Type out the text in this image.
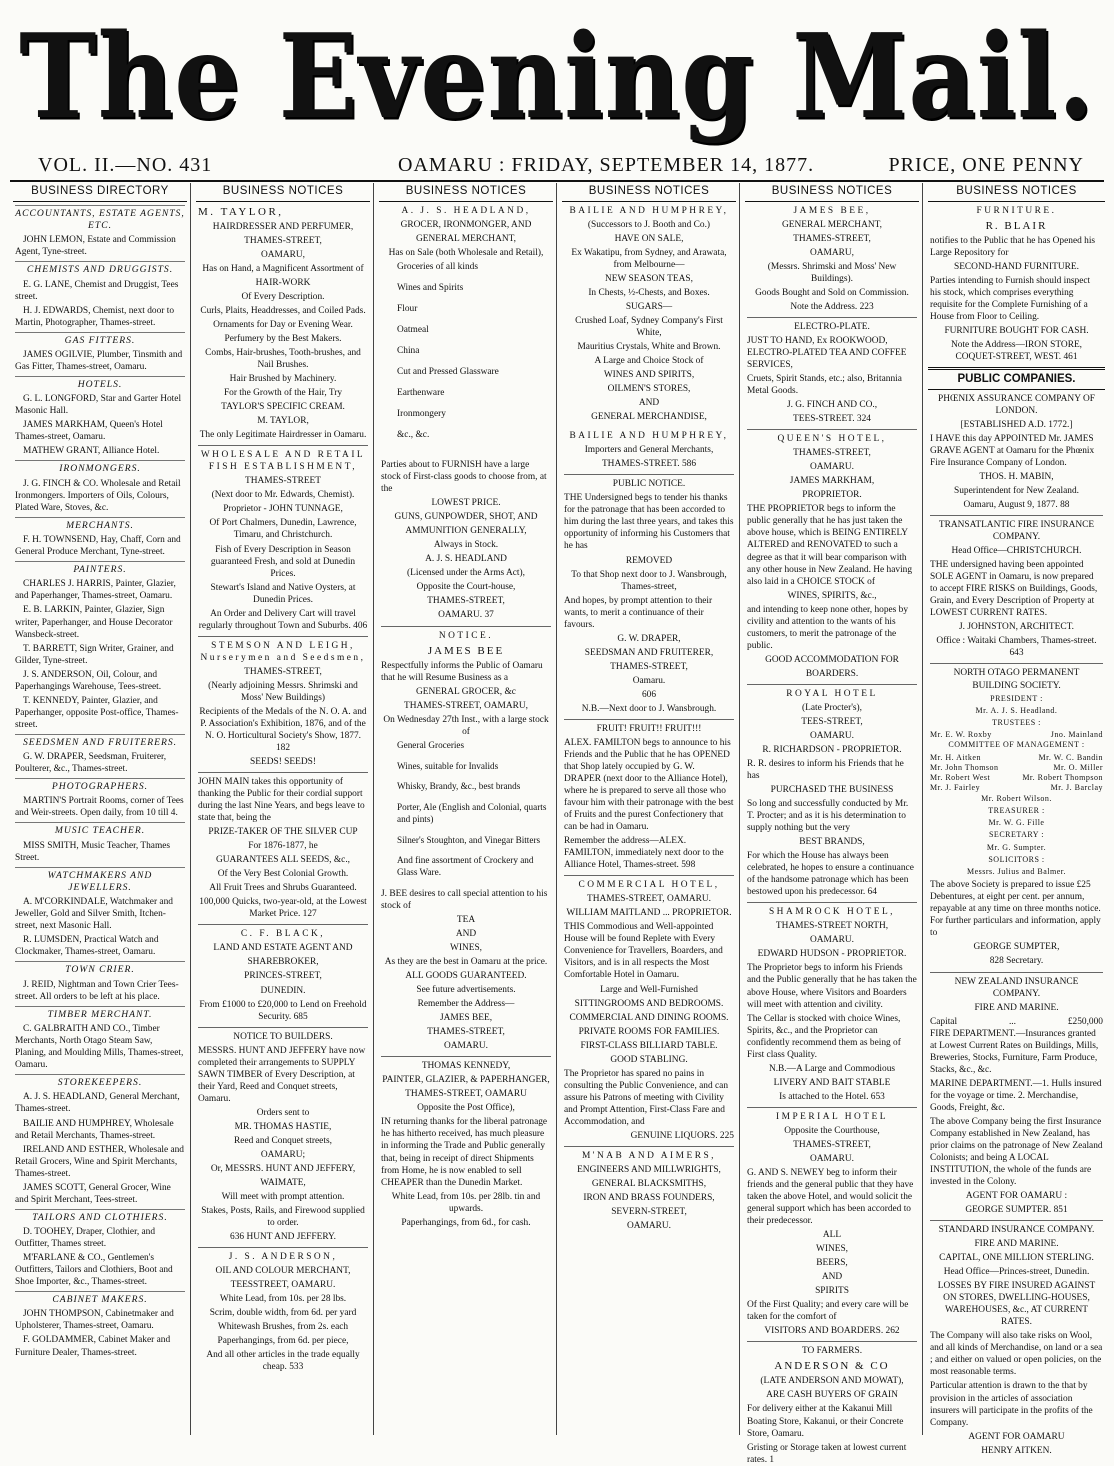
The Evening Mail.
VOL. II.—NO. 431	OAMARU : FRIDAY, SEPTEMBER 14, 1877.	PRICE, ONE PENNY
BUSINESS DIRECTORY

ACCOUNTANTS, ESTATE AGENTS, ETC.

JOHN LEMON, Estate and Commission Agent, Tyne-street.

CHEMISTS AND DRUGGISTS.

E. G. LANE, Chemist and Druggist, Tees street.

H. J. EDWARDS, Chemist, next door to Martin, Photographer, Thames-street.

GAS FITTERS.

JAMES OGILVIE, Plumber, Tinsmith and Gas Fitter, Thames-street, Oamaru.

HOTELS.

G. L. LONGFORD, Star and Garter Hotel Masonic Hall.

JAMES MARKHAM, Queen's Hotel Thames-street, Oamaru.

MATHEW GRANT, Alliance Hotel.

IRONMONGERS.

J. G. FINCH & CO. Wholesale and Retail Ironmongers. Importers of Oils, Colours, Plated Ware, Stoves, &c.

MERCHANTS.

F. H. TOWNSEND, Hay, Chaff, Corn and General Produce Merchant, Tyne-street.

PAINTERS.

CHARLES J. HARRIS, Painter, Glazier, and Paperhanger, Thames-street, Oamaru.

E. B. LARKIN, Painter, Glazier, Sign writer, Paperhanger, and House Decorator Wansbeck-street.

T. BARRETT, Sign Writer, Grainer, and Gilder, Tyne-street.

J. S. ANDERSON, Oil, Colour, and Paperhangings Warehouse, Tees-street.

T. KENNEDY, Painter, Glazier, and Paperhanger, opposite Post-office, Thames-street.

SEEDSMEN AND FRUITERERS.

G. W. DRAPER, Seedsman, Fruiterer, Poulterer, &c., Thames-street.

PHOTOGRAPHERS.

MARTIN'S Portrait Rooms, corner of Tees and Weir-streets. Open daily, from 10 till 4.

MUSIC TEACHER.

MISS SMITH, Music Teacher, Thames Street.

WATCHMAKERS AND JEWELLERS.

A. M'CORKINDALE, Watchmaker and Jeweller, Gold and Silver Smith, Itchen-street, next Masonic Hall.

R. LUMSDEN, Practical Watch and Clockmaker, Thames-street, Oamaru.

TOWN CRIER.

J. REID, Nightman and Town Crier Tees-street. All orders to be left at his place.

TIMBER MERCHANT.

C. GALBRAITH AND CO., Timber Merchants, North Otago Steam Saw, Planing, and Moulding Mills, Thames-street, Oamaru.

STOREKEEPERS.

A. J. S. HEADLAND, General Merchant, Thames-street.

BAILIE AND HUMPHREY, Wholesale and Retail Merchants, Thames-street.

IRELAND AND ESTHER, Wholesale and Retail Grocers, Wine and Spirit Merchants, Thames-street.

JAMES SCOTT, General Grocer, Wine and Spirit Merchant, Tees-street.

TAILORS AND CLOTHIERS.

D. TOOHEY, Draper, Clothier, and Outfitter, Thames street.

M'FARLANE & CO., Gentlemen's Outfitters, Tailors and Clothiers, Boot and Shoe Importer, &c., Thames-street.

CABINET MAKERS.

JOHN THOMPSON, Cabinetmaker and Upholsterer, Thames-street, Oamaru.

F. GOLDAMMER, Cabinet Maker and Furniture Dealer, Thames-street.

BUSINESS NOTICES

M. TAYLOR,

HAIRDRESSER AND PERFUMER,

THAMES-STREET,

OAMARU,

Has on Hand, a Magnificent Assortment of

HAIR-WORK

Of Every Description.

Curls, Plaits, Headdresses, and Coiled Pads.

Ornaments for Day or Evening Wear.

Perfumery by the Best Makers.

Combs, Hair-brushes, Tooth-brushes, and Nail Brushes.

Hair Brushed by Machinery.

For the Growth of the Hair, Try

TAYLOR'S SPECIFIC CREAM.

M. TAYLOR,

The only Legitimate Hairdresser in Oamaru.

WHOLESALE AND RETAIL FISH ESTABLISHMENT,

THAMES-STREET

(Next door to Mr. Edwards, Chemist).

Proprietor - JOHN TUNNAGE,

Of Port Chalmers, Dunedin, Lawrence, Timaru, and Christchurch.

Fish of Every Description in Season guaranteed Fresh, and sold at Dunedin Prices.

Stewart's Island and Native Oysters, at Dunedin Prices.

An Order and Delivery Cart will travel regularly throughout Town and Suburbs. 406

STEMSON AND LEIGH, Nurserymen and Seedsmen,

THAMES-STREET,

(Nearly adjoining Messrs. Shrimski and Moss' New Buildings)

Recipients of the Medals of the N. O. A. and P. Association's Exhibition, 1876, and of the N. O. Horticultural Society's Show, 1877. 182

SEEDS! SEEDS!

JOHN MAIN takes this opportunity of thanking the Public for their cordial support during the last Nine Years, and begs leave to state that, being the

PRIZE-TAKER OF THE SILVER CUP

For 1876-1877, he

GUARANTEES ALL SEEDS, &c.,

Of the Very Best Colonial Growth.

All Fruit Trees and Shrubs Guaranteed.

100,000 Quicks, two-year-old, at the Lowest Market Price. 127

C. F. BLACK,

LAND AND ESTATE AGENT AND

SHAREBROKER,

PRINCES-STREET,

DUNEDIN.

From £1000 to £20,000 to Lend on Freehold Security. 685

NOTICE TO BUILDERS.

MESSRS. HUNT AND JEFFERY have now completed their arrangements to SUPPLY SAWN TIMBER of Every Description, at their Yard, Reed and Conquet streets, Oamaru.

Orders sent to

MR. THOMAS HASTIE,

Reed and Conquet streets,

OAMARU;

Or, MESSRS. HUNT AND JEFFERY,

WAIMATE,

Will meet with prompt attention.

Stakes, Posts, Rails, and Firewood supplied to order.

636 HUNT AND JEFFERY.

J. S. ANDERSON,

OIL AND COLOUR MERCHANT,

TEESSTREET, OAMARU.

White Lead, from 10s. per 28 lbs.

Scrim, double width, from 6d. per yard

Whitewash Brushes, from 2s. each

Paperhangings, from 6d. per piece,

And all other articles in the trade equally cheap. 533

BUSINESS NOTICES

A. J. S. HEADLAND,

GROCER, IRONMONGER, AND

GENERAL MERCHANT,

Has on Sale (both Wholesale and Retail),

Groceries of all kinds

Wines and Spirits

Flour

Oatmeal

China

Cut and Pressed Glassware

Earthenware

Ironmongery

&c., &c.

Parties about to FURNISH have a large stock of First-class goods to choose from, at the

LOWEST PRICE.

GUNS, GUNPOWDER, SHOT, AND

AMMUNITION GENERALLY,

Always in Stock.

A. J. S. HEADLAND

(Licensed under the Arms Act),

Opposite the Court-house,

THAMES-STREET,

OAMARU. 37

NOTICE.

JAMES BEE

Respectfully informs the Public of Oamaru that he will Resume Business as a

GENERAL GROCER, &c

THAMES-STREET, OAMARU,

On Wednesday 27th Inst., with a large stock of

General Groceries

Wines, suitable for Invalids

Whisky, Brandy, &c., best brands

Porter, Ale (English and Colonial, quarts and pints)

Silner's Stoughton, and Vinegar Bitters

And fine assortment of Crockery and Glass Ware.

J. BEE desires to call special attention to his stock of

TEA

AND

WINES,

As they are the best in Oamaru at the price.

ALL GOODS GUARANTEED.

See future advertisements.

Remember the Address—

JAMES BEE,

THAMES-STREET,

OAMARU.

THOMAS KENNEDY,

PAINTER, GLAZIER, & PAPERHANGER,

THAMES-STREET, OAMARU

Opposite the Post Office),

IN returning thanks for the liberal patronage he has hitherto received, has much pleasure in informing the Trade and Public generally that, being in receipt of direct Shipments from Home, he is now enabled to sell CHEAPER than the Dunedin Market.

White Lead, from 10s. per 28lb. tin and upwards.

Paperhangings, from 6d., for cash.

BUSINESS NOTICES

BAILIE AND HUMPHREY,

(Successors to J. Booth and Co.)

HAVE ON SALE,

Ex Wakatipu, from Sydney, and Arawata, from Melbourne—

NEW SEASON TEAS,

In Chests, ½-Chests, and Boxes.

SUGARS—

Crushed Loaf, Sydney Company's First White,

Mauritius Crystals, White and Brown.

A Large and Choice Stock of

WINES AND SPIRITS,

OILMEN'S STORES,

AND

GENERAL MERCHANDISE,

BAILIE AND HUMPHREY,

Importers and General Merchants,

THAMES-STREET. 586

PUBLIC NOTICE.

THE Undersigned begs to tender his thanks for the patronage that has been accorded to him during the last three years, and takes this opportunity of informing his Customers that he has

REMOVED

To that Shop next door to J. Wansbrough, Thames-street,

And hopes, by prompt attention to their wants, to merit a continuance of their favours.

G. W. DRAPER,

SEEDSMAN AND FRUITERER,

THAMES-STREET,

Oamaru.

606

N.B.—Next door to J. Wansbrough.

FRUIT! FRUIT!! FRUIT!!!

ALEX. FAMILTON begs to announce to his Friends and the Public that he has OPENED that Shop lately occupied by G. W. DRAPER (next door to the Alliance Hotel), where he is prepared to serve all those who favour him with their patronage with the best of Fruits and the purest Confectionery that can be had in Oamaru.

Remember the address—ALEX. FAMILTON, immediately next door to the Alliance Hotel, Thames-street. 598

COMMERCIAL HOTEL,

THAMES-STREET, OAMARU.

WILLIAM MAITLAND ... PROPRIETOR.

THIS Commodious and Well-appointed House will be found Replete with Every Convenience for Travellers, Boarders, and Visitors, and is in all respects the Most Comfortable Hotel in Oamaru.

Large and Well-Furnished

SITTINGROOMS AND BEDROOMS.

COMMERCIAL AND DINING ROOMS.

PRIVATE ROOMS FOR FAMILIES.

FIRST-CLASS BILLIARD TABLE.

GOOD STABLING.

The Proprietor has spared no pains in consulting the Public Convenience, and can assure his Patrons of meeting with Civility and Prompt Attention, First-Class Fare and Accommodation, and

GENUINE LIQUORS. 225

M'NAB AND AIMERS,

ENGINEERS AND MILLWRIGHTS,

GENERAL BLACKSMITHS,

IRON AND BRASS FOUNDERS,

SEVERN-STREET,

OAMARU.

BUSINESS NOTICES

JAMES BEE,

GENERAL MERCHANT,

THAMES-STREET,

OAMARU,

(Messrs. Shrimski and Moss' New Buildings).

Goods Bought and Sold on Commission.

Note the Address. 223

ELECTRO-PLATE.

JUST TO HAND, Ex ROOKWOOD, ELECTRO-PLATED TEA AND COFFEE SERVICES,

Cruets, Spirit Stands, etc.; also, Britannia Metal Goods.

J. G. FINCH AND CO.,

TEES-STREET. 324

QUEEN'S HOTEL,

THAMES-STREET,

OAMARU.

JAMES MARKHAM,

PROPRIETOR.

THE PROPRIETOR begs to inform the public generally that he has just taken the above house, which is BEING ENTIRELY ALTERED and RENOVATED to such a degree as that it will bear comparison with any other house in New Zealand. He having also laid in a CHOICE STOCK of

WINES, SPIRITS, &c.,

and intending to keep none other, hopes by civility and attention to the wants of his customers, to merit the patronage of the public.

GOOD ACCOMMODATION FOR

BOARDERS.

ROYAL HOTEL

(Late Procter's),

TEES-STREET,

OAMARU.

R. RICHARDSON - PROPRIETOR.

R. R. desires to inform his Friends that he has

PURCHASED THE BUSINESS

So long and successfully conducted by Mr. T. Procter; and as it is his determination to supply nothing but the very

BEST BRANDS,

For which the House has always been celebrated, he hopes to ensure a continuance of the handsome patronage which has been bestowed upon his predecessor. 64

SHAMROCK HOTEL,

THAMES-STREET NORTH,

OAMARU.

EDWARD HUDSON - PROPRIETOR.

The Proprietor begs to inform his Friends and the Public generally that he has taken the above House, where Visitors and Boarders will meet with attention and civility.

The Cellar is stocked with choice Wines, Spirits, &c., and the Proprietor can confidently recommend them as being of First class Quality.

N.B.—A Large and Commodious

LIVERY AND BAIT STABLE

Is attached to the Hotel. 653

IMPERIAL HOTEL

Opposite the Courthouse,

THAMES-STREET,

OAMARU.

G. AND S. NEWEY beg to inform their friends and the general public that they have taken the above Hotel, and would solicit the general support which has been accorded to their predecessor.

ALL

WINES,

BEERS,

AND

SPIRITS

Of the First Quality; and every care will be taken for the comfort of

VISITORS AND BOARDERS. 262

TO FARMERS.

ANDERSON & CO

(LATE ANDERSON AND MOWAT),

ARE CASH BUYERS OF GRAIN

For delivery either at the Kakanui Mill Boating Store, Kakanui, or their Concrete Store, Oamaru.

Gristing or Storage taken at lowest current rates. 1

BUSINESS NOTICES

FURNITURE.

R. BLAIR

notifies to the Public that he has Opened his Large Repository for

SECOND-HAND FURNITURE.

Parties intending to Furnish should inspect his stock, which comprises everything requisite for the Complete Furnishing of a House from Floor to Ceiling.

FURNITURE BOUGHT FOR CASH.

Note the Address—IRON STORE, COQUET-STREET, WEST. 461

PUBLIC COMPANIES.

PHŒNIX ASSURANCE COMPANY OF LONDON.

[ESTABLISHED A.D. 1772.]

I HAVE this day APPOINTED Mr. JAMES GRAVE AGENT at Oamaru for the Phœnix Fire Insurance Company of London.

THOS. H. MABIN,

Superintendent for New Zealand.

Oamaru, August 9, 1877. 88

TRANSATLANTIC FIRE INSURANCE COMPANY.

Head Office—CHRISTCHURCH.

THE undersigned having been appointed SOLE AGENT in Oamaru, is now prepared to accept FIRE RISKS on Buildings, Goods, Grain, and Every Description of Property at LOWEST CURRENT RATES.

J. JOHNSTON, ARCHITECT.

Office : Waitaki Chambers, Thames-street. 643

NORTH OTAGO PERMANENT BUILDING SOCIETY.

PRESIDENT :

Mr. A. J. S. Headland.

TRUSTEES :

Mr. E. W. Roxby	Jno. Mainland

COMMITTEE OF MANAGEMENT :

Mr. H. Aitken	Mr. W. C. Bandin
Mr. John Thomson	Mr. O. Miller
Mr. Robert West	Mr. Robert Thompson
Mr. J. Fairley	Mr. J. Barclay

Mr. Robert Wilson.

TREASURER :

Mr. W. G. Fille

SECRETARY :

Mr. G. Sumpter.

SOLICITORS :

Messrs. Julius and Balmer.

The above Society is prepared to issue £25 Debentures, at eight per cent. per annum, repayable at any time on three months notice. For further particulars and information, apply to

GEORGE SUMPTER,

828 Secretary.

NEW ZEALAND INSURANCE COMPANY.

FIRE AND MARINE.

Capital	...	£250,000

FIRE DEPARTMENT.—Insurances granted at Lowest Current Rates on Buildings, Mills, Breweries, Stocks, Furniture, Farm Produce, Stacks, &c., &c.

MARINE DEPARTMENT.—1. Hulls insured for the voyage or time. 2. Merchandise, Goods, Freight, &c.

The above Company being the first Insurance Company established in New Zealand, has prior claims on the patronage of New Zealand Colonists; and being A LOCAL INSTITUTION, the whole of the funds are invested in the Colony.

AGENT FOR OAMARU :

GEORGE SUMPTER. 851

STANDARD INSURANCE COMPANY.

FIRE AND MARINE.

CAPITAL, ONE MILLION STERLING.

Head Office—Princes-street, Dunedin.

LOSSES BY FIRE INSURED AGAINST ON STORES, DWELLING-HOUSES, WAREHOUSES, &c., AT CURRENT RATES.

The Company will also take risks on Wool, and all kinds of Merchandise, on land or a sea ; and either on valued or open policies, on the most reasonable terms.

Particular attention is drawn to the that by provision in the articles of association insurers will participate in the profits of the Company.

AGENT FOR OAMARU

HENRY AITKEN.
